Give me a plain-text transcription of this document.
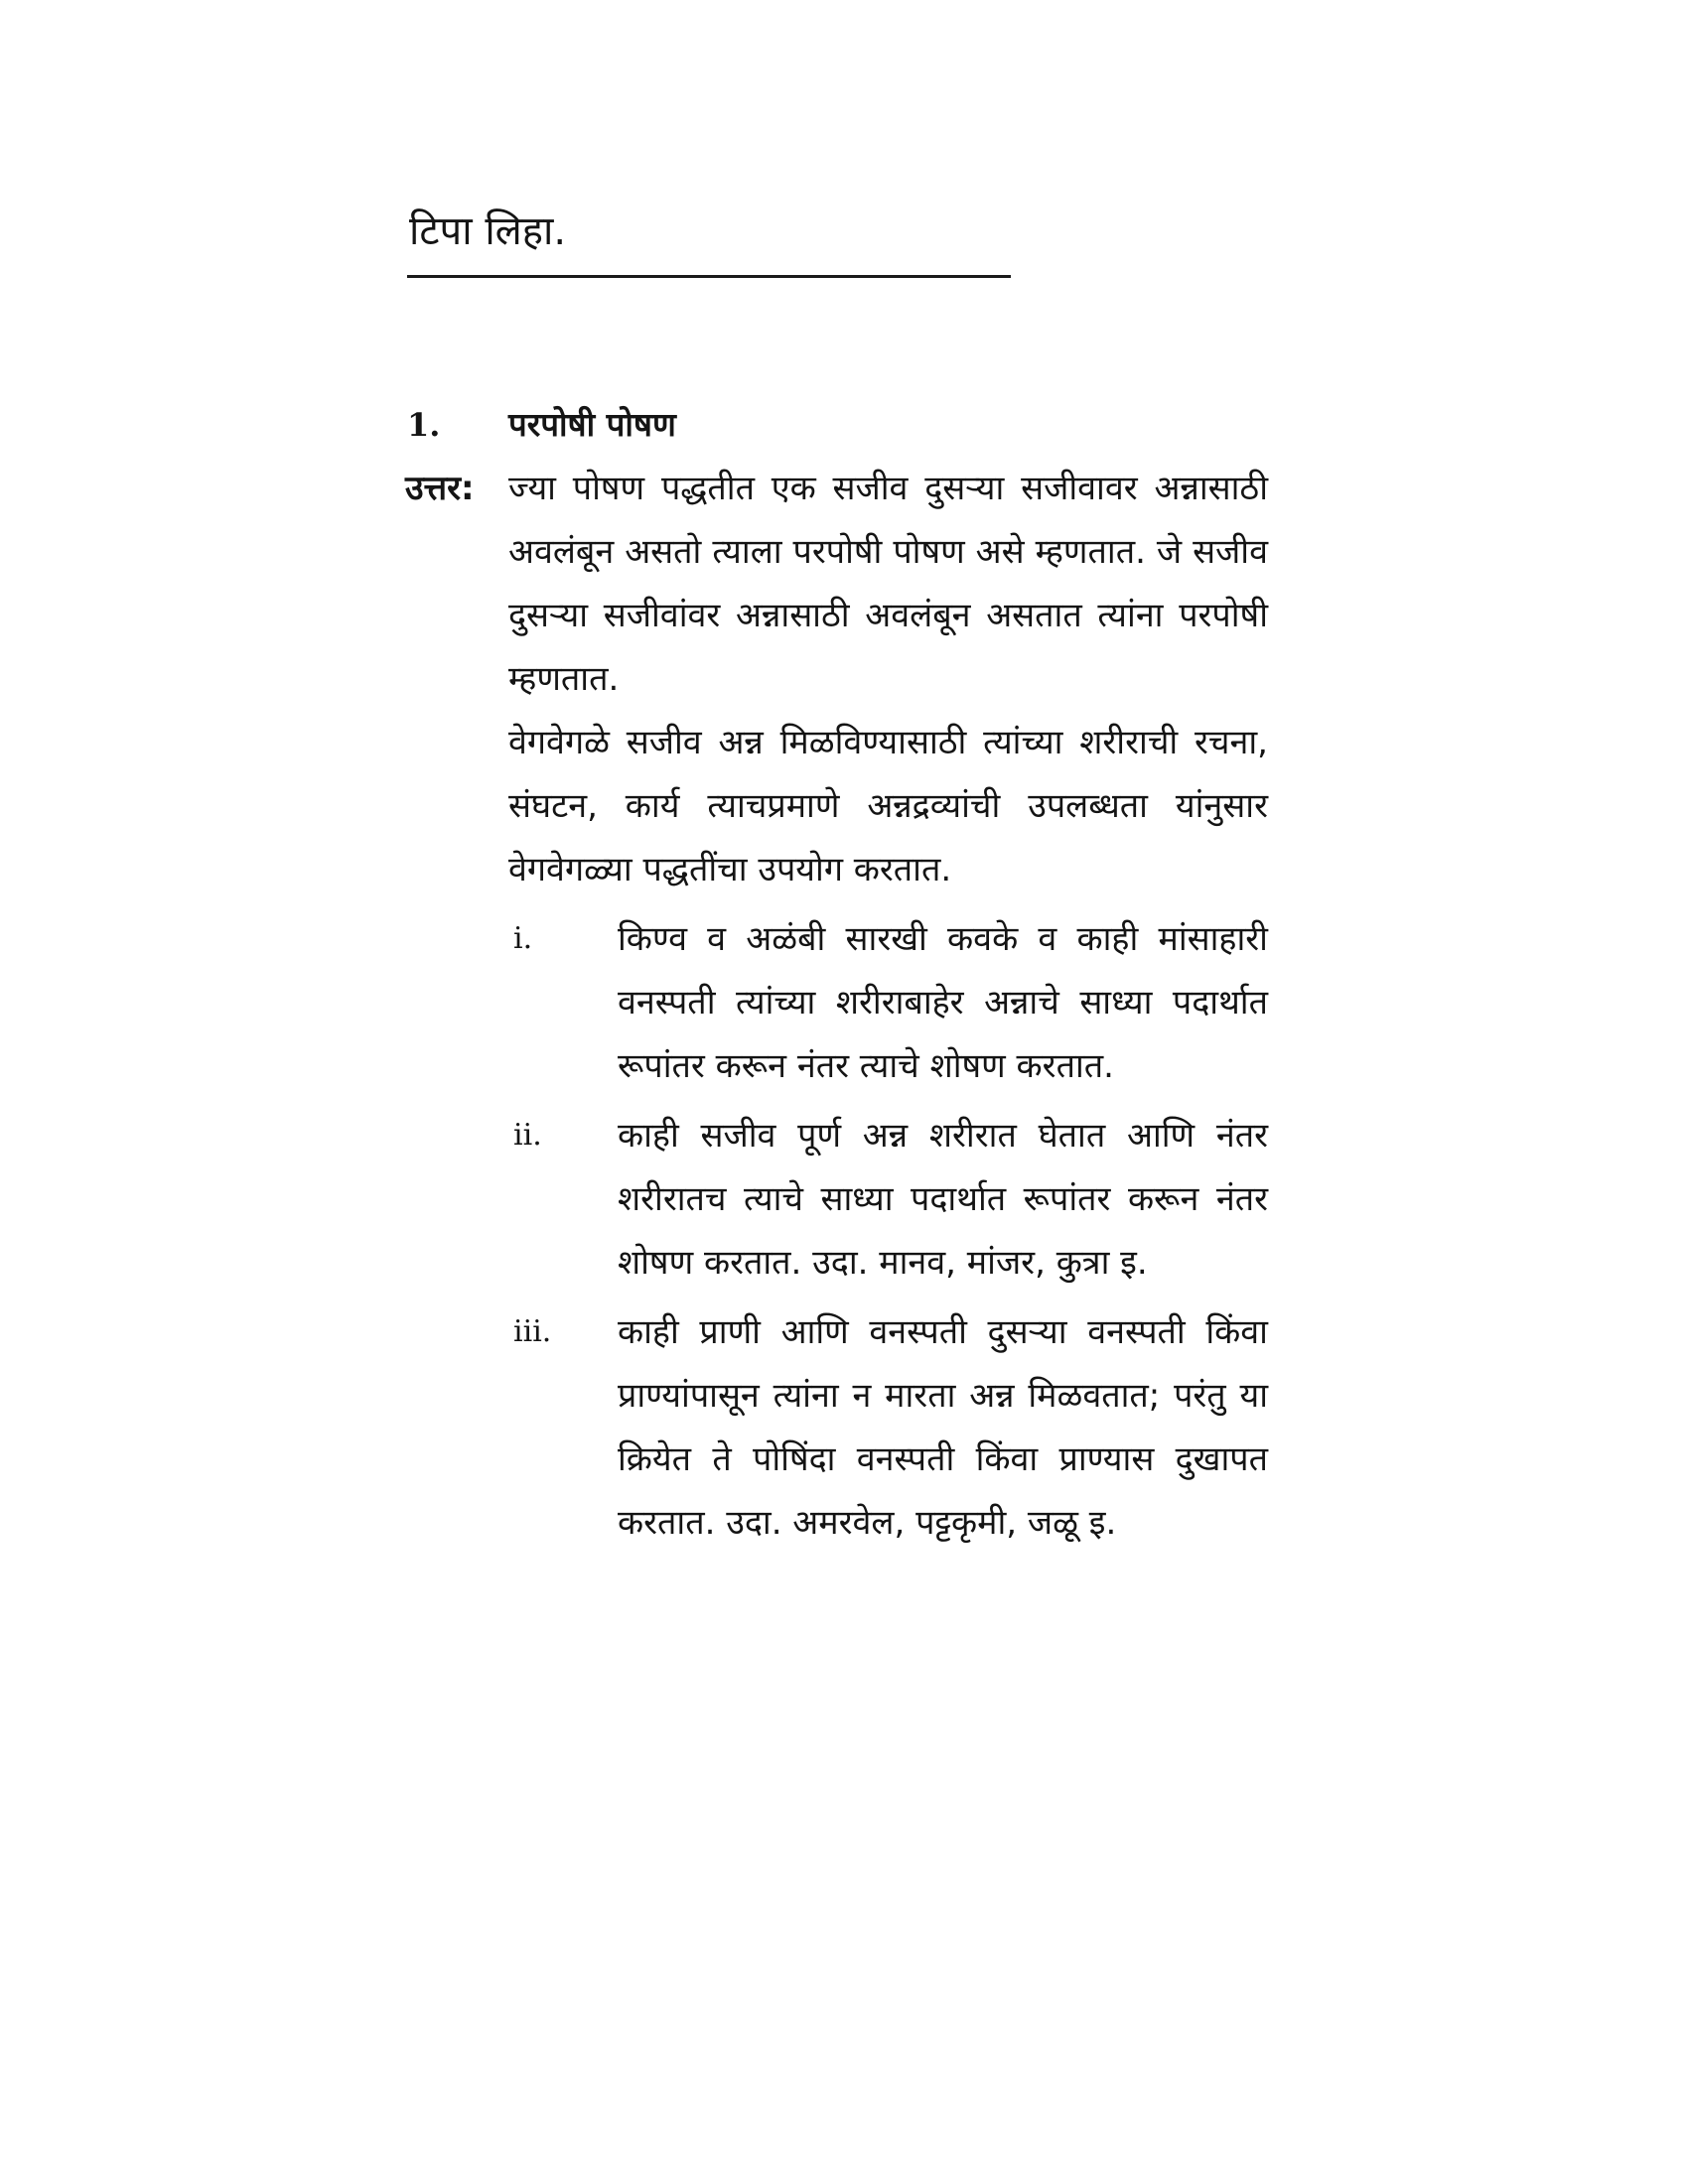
टिपा लिहा.
1. परपोषी पोषण
उत्तर: ज्या पोषण पद्धतीत एक सजीव दुसऱ्या सजीवावर अन्नासाठी अवलंबून असतो त्याला परपोषी पोषण असे म्हणतात. जे सजीव दुसऱ्या सजीवांवर अन्नासाठी अवलंबून असतात त्यांना परपोषी म्हणतात.

वेगवेगळे सजीव अन्न मिळविण्यासाठी त्यांच्या शरीराची रचना, संघटन, कार्य त्याचप्रमाणे अन्नद्रव्यांची उपलब्धता यांनुसार वेगवेगळ्या पद्धतींचा उपयोग करतात.

i.	किण्व व अळंबी सारखी कवके व काही मांसाहारी वनस्पती त्यांच्या शरीराबाहेर अन्नाचे साध्या पदार्थात रूपांतर करून नंतर त्याचे शोषण करतात.
ii.	काही सजीव पूर्ण अन्न शरीरात घेतात आणि नंतर शरीरातच त्याचे साध्या पदार्थात रूपांतर करून नंतर शोषण करतात. उदा. मानव, मांजर, कुत्रा इ.
iii.	काही प्राणी आणि वनस्पती दुसऱ्या वनस्पती किंवा प्राण्यांपासून त्यांना न मारता अन्न मिळवतात; परंतु या क्रियेत ते पोषिंदा वनस्पती किंवा प्राण्यास दुखापत करतात. उदा. अमरवेल, पट्टकृमी, जळू इ.
